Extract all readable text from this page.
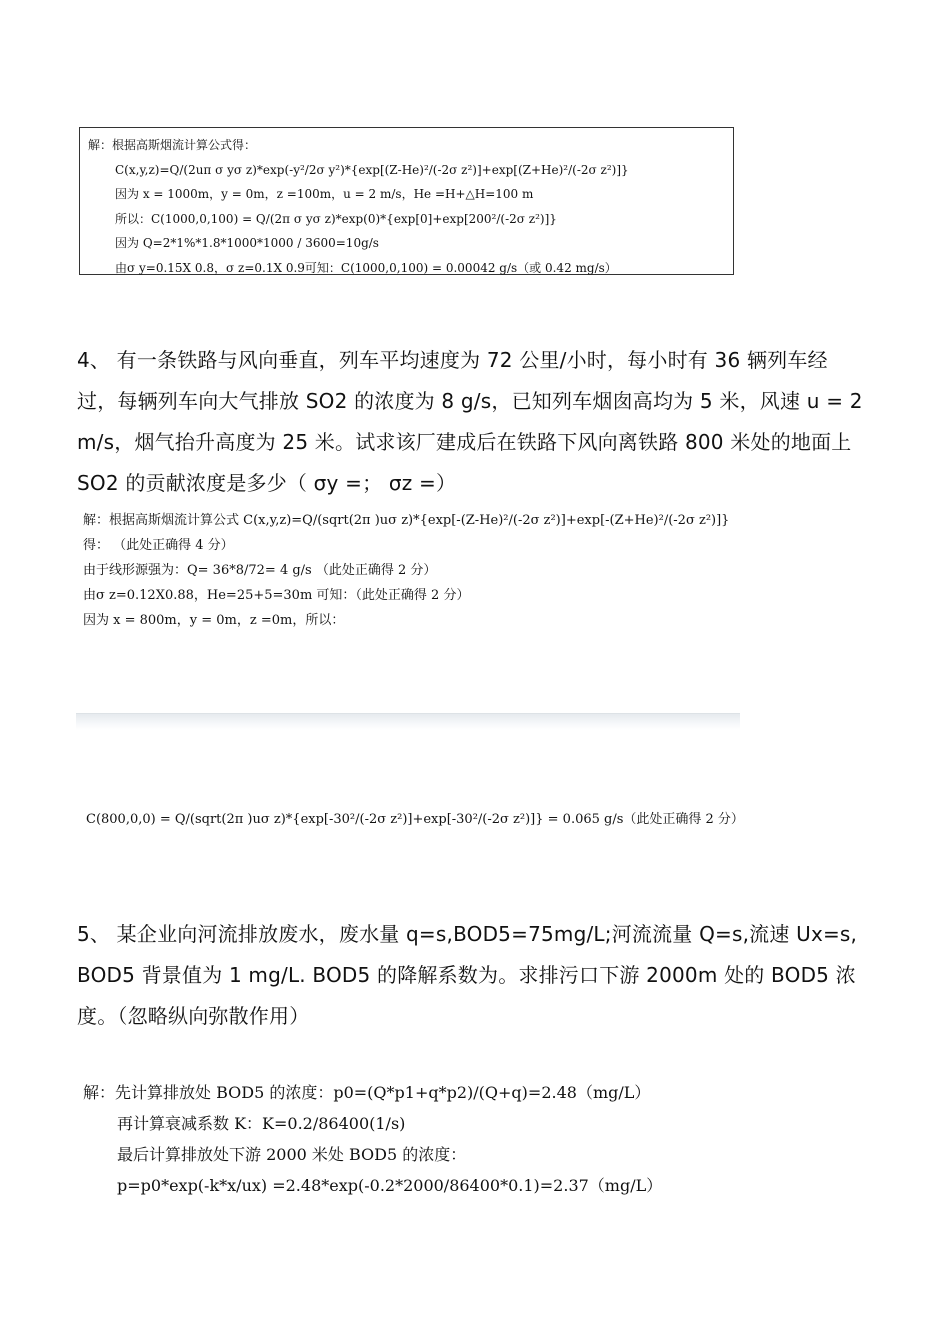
解：根据高斯烟流计算公式得：
C(x,y,z)=Q/(2uπ σ yσ z)*exp(-y²/2σ y²)*{exp[(Z-He)²/(-2σ z²)]+exp[(Z+He)²/(-2σ z²)]}
因为 x = 1000m，y = 0m，z =100m，u = 2 m/s，He =H+△H=100 m
所以：C(1000,0,100) = Q/(2π σ yσ z)*exp(0)*{exp[0]+exp[200²/(-2σ z²)]}
因为 Q=2*1%*1.8*1000*1000 / 3600=10g/s
由σ y=0.15X 0.8，σ z=0.1X 0.9可知：C(1000,0,100) = 0.00042 g/s（或 0.42 mg/s）
4、 有一条铁路与风向垂直，列车平均速度为 72 公里/小时，每小时有 36 辆列车经过，每辆列车向大气排放 SO2 的浓度为 8 g/s，已知列车烟囱高均为 5 米，风速 u = 2 m/s，烟气抬升高度为 25 米。试求该厂建成后在铁路下风向离铁路 800 米处的地面上 SO2 的贡献浓度是多少（ σy =； σz =）
解：根据高斯烟流计算公式 C(x,y,z)=Q/(sqrt(2π )uσ z)*{exp[-(Z-He)²/(-2σ z²)]+exp[-(Z+He)²/(-2σ z²)]}
得： （此处正确得 4 分）
由于线形源强为：Q= 36*8/72= 4 g/s （此处正确得 2 分）
由σ z=0.12X0.88，He=25+5=30m 可知：（此处正确得 2 分）
因为 x = 800m，y = 0m，z =0m，所以：
C(800,0,0) = Q/(sqrt(2π )uσ z)*{exp[-30²/(-2σ z²)]+exp[-30²/(-2σ z²)]} = 0.065 g/s（此处正确得 2 分）
5、 某企业向河流排放废水，废水量 q=s,BOD5=75mg/L;河流流量 Q=s,流速 Ux=s, BOD5 背景值为 1 mg/L. BOD5 的降解系数为。求排污口下游 2000m 处的 BOD5 浓度。（忽略纵向弥散作用）
解：先计算排放处 BOD5 的浓度：p0=(Q*p1+q*p2)/(Q+q)=2.48（mg/L）
再计算衰减系数 K：K=0.2/86400(1/s)
最后计算排放处下游 2000 米处 BOD5 的浓度：
p=p0*exp(-k*x/ux) =2.48*exp(-0.2*2000/86400*0.1)=2.37（mg/L）
